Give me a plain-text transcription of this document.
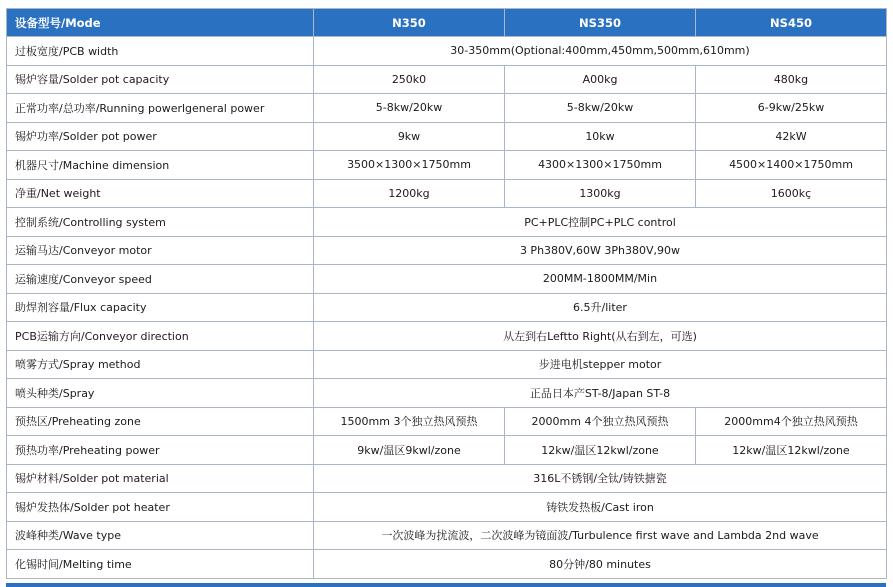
设备型号/Mode	N350	NS350	NS450
过板宽度/PCB width	30-350mm(Optional:400mm,450mm,500mm,610mm)		
锡炉容量/Solder pot capacity	250k0	A00kg	480kg
正常功率/总功率/Running powerlgeneral power	5-8kw/20kw	5-8kw/20kw	6-9kw/25kw
锡炉功率/Solder pot power	9kw	10kw	42kW
机器尺寸/Machine dimension	3500×1300×1750mm	4300×1300×1750mm	4500×1400×1750mm
净重/Net weight	1200kg	1300kg	1600kç
控制系统/Controlling system	PC+PLC控制PC+PLC control		
运输马达/Conveyor motor	3 Ph380V,60W 3Ph380V,90w		
运输速度/Conveyor speed	200MM-1800MM/Min		
助焊剂容量/Flux capacity	6.5升/liter		
PCB运输方向/Conveyor direction	从左到右Leftto Right(从右到左，可选)		
喷雾方式/Spray method	步进电机stepper motor		
喷头种类/Spray	正品日本产ST-8/Japan ST-8		
预热区/Preheating zone	1500mm 3个独立热风预热	2000mm 4个独立热风预热	2000mm4个独立热风预热
预热功率/Preheating power	9kw/温区9kwl/zone	12kw/温区12kwl/zone	12kw/温区12kwl/zone
锡炉材料/Solder pot material	316L不锈钢/全钛/铸铁搪瓷		
锡炉发热体/Solder pot heater	铸铁发热板/Cast iron		
波峰种类/Wave type	一次波峰为扰流波，二次波峰为镜面波/Turbulence first wave and Lambda 2nd wave		
化锡时间/Melting time	80分钟/80 minutes		
